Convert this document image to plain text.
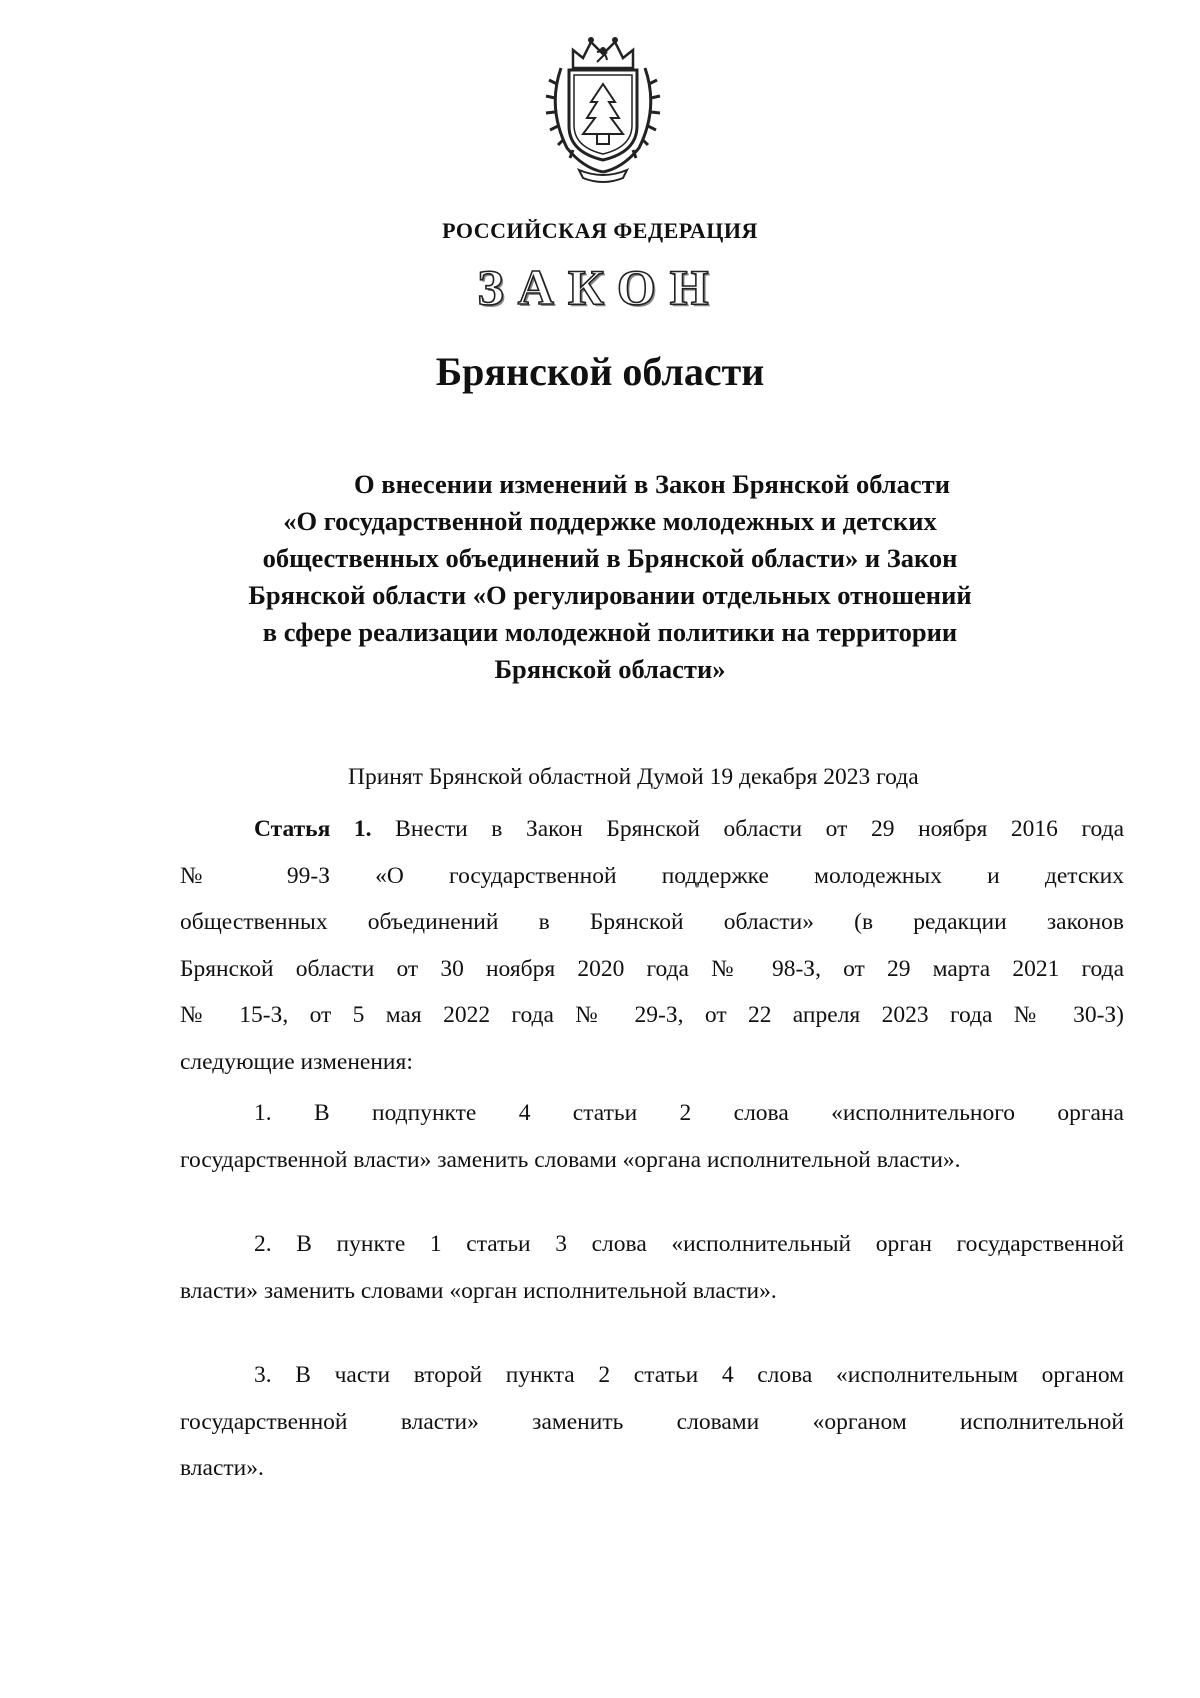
РОССИЙСКАЯ ФЕДЕРАЦИЯ
ЗАКОН
Брянской области
О внесении изменений в Закон Брянской области
«О государственной поддержке молодежных и детских
общественных объединений в Брянской области» и Закон
Брянской области «О регулировании отдельных отношений
в сфере реализации молодежной политики на территории
Брянской области»
Принят Брянской областной Думой 19 декабря 2023 года
Статья 1. Внести в Закон Брянской области от 29 ноября 2016 года
№ 99-З «О государственной поддержке молодежных и детских
общественных объединений в Брянской области» (в редакции законов
Брянской области от 30 ноября 2020 года № 98-З, от 29 марта 2021 года
№ 15-З, от 5 мая 2022 года № 29-З, от 22 апреля 2023 года № 30-З)
следующие изменения:
1. В подпункте 4 статьи 2 слова «исполнительного органа
государственной власти» заменить словами «органа исполнительной власти».
2. В пункте 1 статьи 3 слова «исполнительный орган государственной
власти» заменить словами «орган исполнительной власти».
3. В части второй пункта 2 статьи 4 слова «исполнительным органом
государственной власти» заменить словами «органом исполнительной
власти».
